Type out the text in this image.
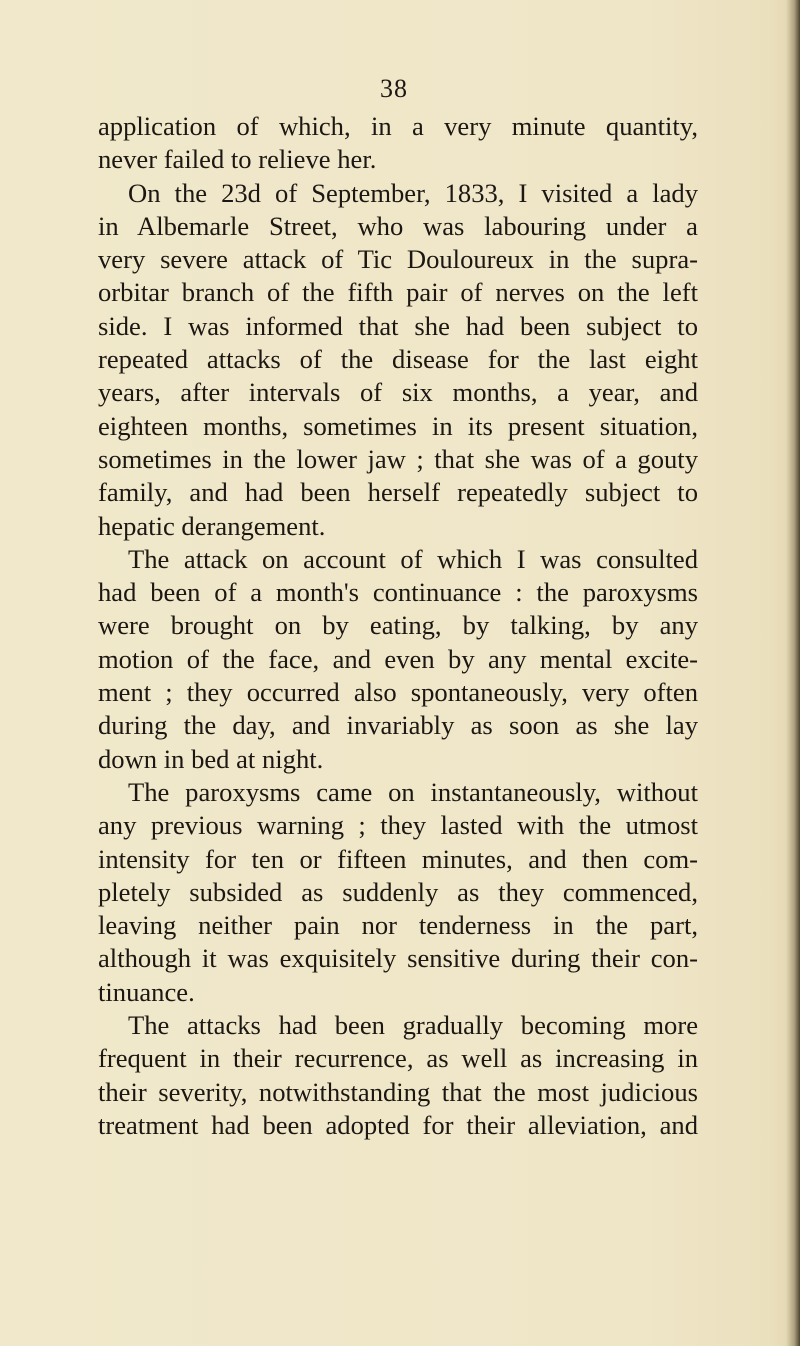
38

application of which, in a very minute quantity,
never failed to relieve her.
On the 23d of September, 1833, I visited a lady
in Albemarle Street, who was labouring under a
very severe attack of Tic Douloureux in the supra-
orbitar branch of the fifth pair of nerves on the left
side. I was informed that she had been subject to
repeated attacks of the disease for the last eight
years, after intervals of six months, a year, and
eighteen months, sometimes in its present situation,
sometimes in the lower jaw ; that she was of a gouty
family, and had been herself repeatedly subject to
hepatic derangement.
The attack on account of which I was consulted
had been of a month's continuance : the paroxysms
were brought on by eating, by talking, by any
motion of the face, and even by any mental excite-
ment ; they occurred also spontaneously, very often
during the day, and invariably as soon as she lay
down in bed at night.
The paroxysms came on instantaneously, without
any previous warning ; they lasted with the utmost
intensity for ten or fifteen minutes, and then com-
pletely subsided as suddenly as they commenced,
leaving neither pain nor tenderness in the part,
although it was exquisitely sensitive during their con-
tinuance.
The attacks had been gradually becoming more
frequent in their recurrence, as well as increasing in
their severity, notwithstanding that the most judicious
treatment had been adopted for their alleviation, and
